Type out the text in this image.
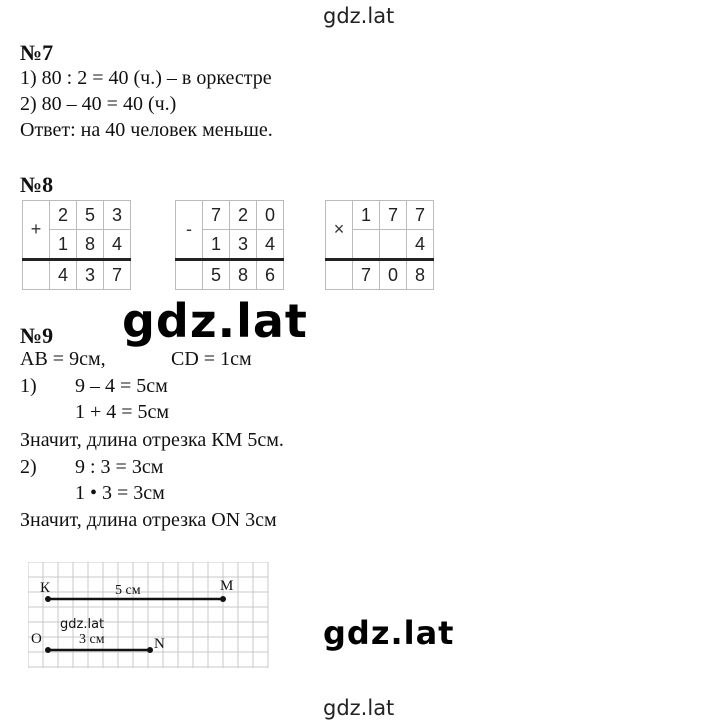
gdz.lat
№7
1) 80 : 2 = 40 (ч.) – в оркестре
2) 80 – 40 = 40 (ч.)
Ответ: на 40 человек меньше.
№8
+	2	5	3
	1	8	4
	4	3	7
-	7	2	0
	1	3	4
	5	8	6
×	1	7	7
			4
	7	0	8
gdz.lat
№9
AB = 9см,	CD = 1см
1) 9 – 4 = 5см
1 + 4 = 5см
Значит, длина отрезка КМ 5см.
2) 9 : 3 = 3см
1 • 3 = 3см
Значит, длина отрезка ON 3см
К	M
5 см
O	N
3 см
gdz.lat	gdz.lat
gdz.lat
